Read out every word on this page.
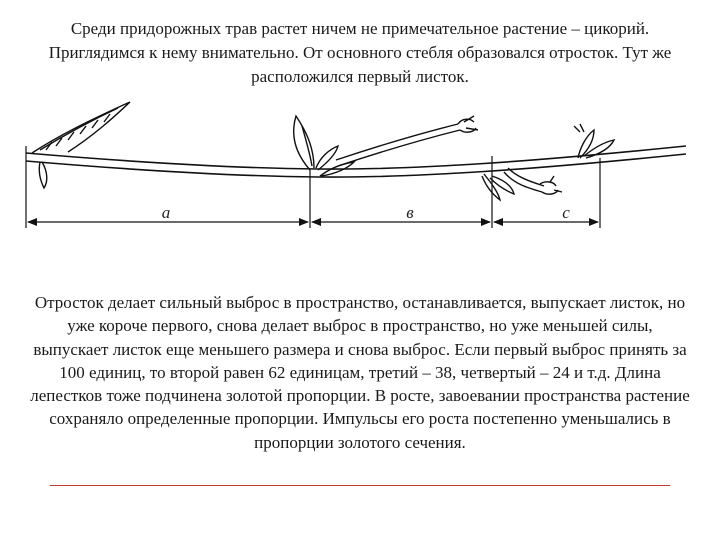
Среди придорожных трав растет ничем не примечательное растение – цикорий. Приглядимся к нему внимательно. От основного стебля образовался отросток. Тут же расположился первый листок.

a	в	c

Отросток делает сильный выброс в пространство, останавливается, выпускает листок, но уже короче первого, снова делает выброс в пространство, но уже меньшей силы, выпускает листок еще меньшего размера и снова выброс. Если первый выброс принять за 100 единиц, то второй равен 62 единицам, третий – 38, четвертый – 24 и т.д. Длина лепестков тоже подчинена золотой пропорции. В росте, завоевании пространства растение сохраняло определенные пропорции. Импульсы его роста постепенно уменьшались в пропорции золотого сечения.
